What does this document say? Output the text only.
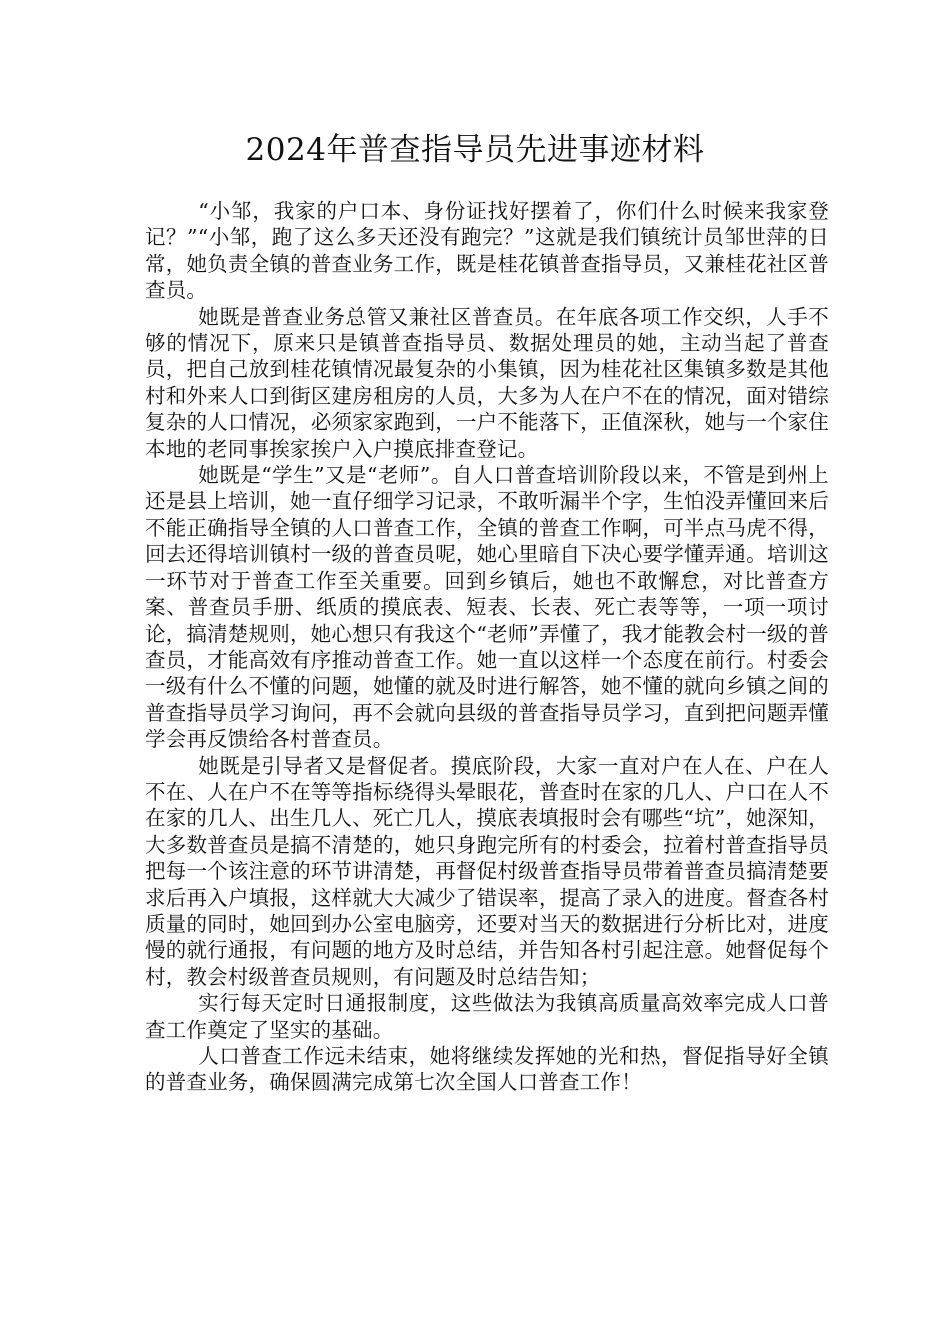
2024年普查指导员先进事迹材料

“小邹，我家的户口本、身份证找好摆着了，你们什么时候来我家登记？”“小邹，跑了这么多天还没有跑完？”这就是我们镇统计员邹世萍的日常，她负责全镇的普查业务工作，既是桂花镇普查指导员，又兼桂花社区普查员。

她既是普查业务总管又兼社区普查员。在年底各项工作交织，人手不够的情况下，原来只是镇普查指导员、数据处理员的她，主动当起了普查员，把自己放到桂花镇情况最复杂的小集镇，因为桂花社区集镇多数是其他村和外来人口到街区建房租房的人员，大多为人在户不在的情况，面对错综复杂的人口情况，必须家家跑到，一户不能落下，正值深秋，她与一个家住本地的老同事挨家挨户入户摸底排查登记。

她既是“学生”又是“老师”。自人口普查培训阶段以来，不管是到州上还是县上培训，她一直仔细学习记录，不敢听漏半个字，生怕没弄懂回来后不能正确指导全镇的人口普查工作，全镇的普查工作啊，可半点马虎不得，回去还得培训镇村一级的普查员呢，她心里暗自下决心要学懂弄通。培训这一环节对于普查工作至关重要。回到乡镇后，她也不敢懈怠，对比普查方案、普查员手册、纸质的摸底表、短表、长表、死亡表等等，一项一项讨论，搞清楚规则，她心想只有我这个“老师”弄懂了，我才能教会村一级的普查员，才能高效有序推动普查工作。她一直以这样一个态度在前行。村委会一级有什么不懂的问题，她懂的就及时进行解答，她不懂的就向乡镇之间的普查指导员学习询问，再不会就向县级的普查指导员学习，直到把问题弄懂学会再反馈给各村普查员。

她既是引导者又是督促者。摸底阶段，大家一直对户在人在、户在人不在、人在户不在等等指标绕得头晕眼花，普查时在家的几人、户口在人不在家的几人、出生几人、死亡几人，摸底表填报时会有哪些“坑”，她深知，大多数普查员是搞不清楚的，她只身跑完所有的村委会，拉着村普查指导员把每一个该注意的环节讲清楚，再督促村级普查指导员带着普查员搞清楚要求后再入户填报，这样就大大减少了错误率，提高了录入的进度。督查各村质量的同时，她回到办公室电脑旁，还要对当天的数据进行分析比对，进度慢的就行通报，有问题的地方及时总结，并告知各村引起注意。她督促每个村，教会村级普查员规则，有问题及时总结告知；

实行每天定时日通报制度，这些做法为我镇高质量高效率完成人口普查工作奠定了坚实的基础。

人口普查工作远未结束，她将继续发挥她的光和热，督促指导好全镇的普查业务，确保圆满完成第七次全国人口普查工作！
